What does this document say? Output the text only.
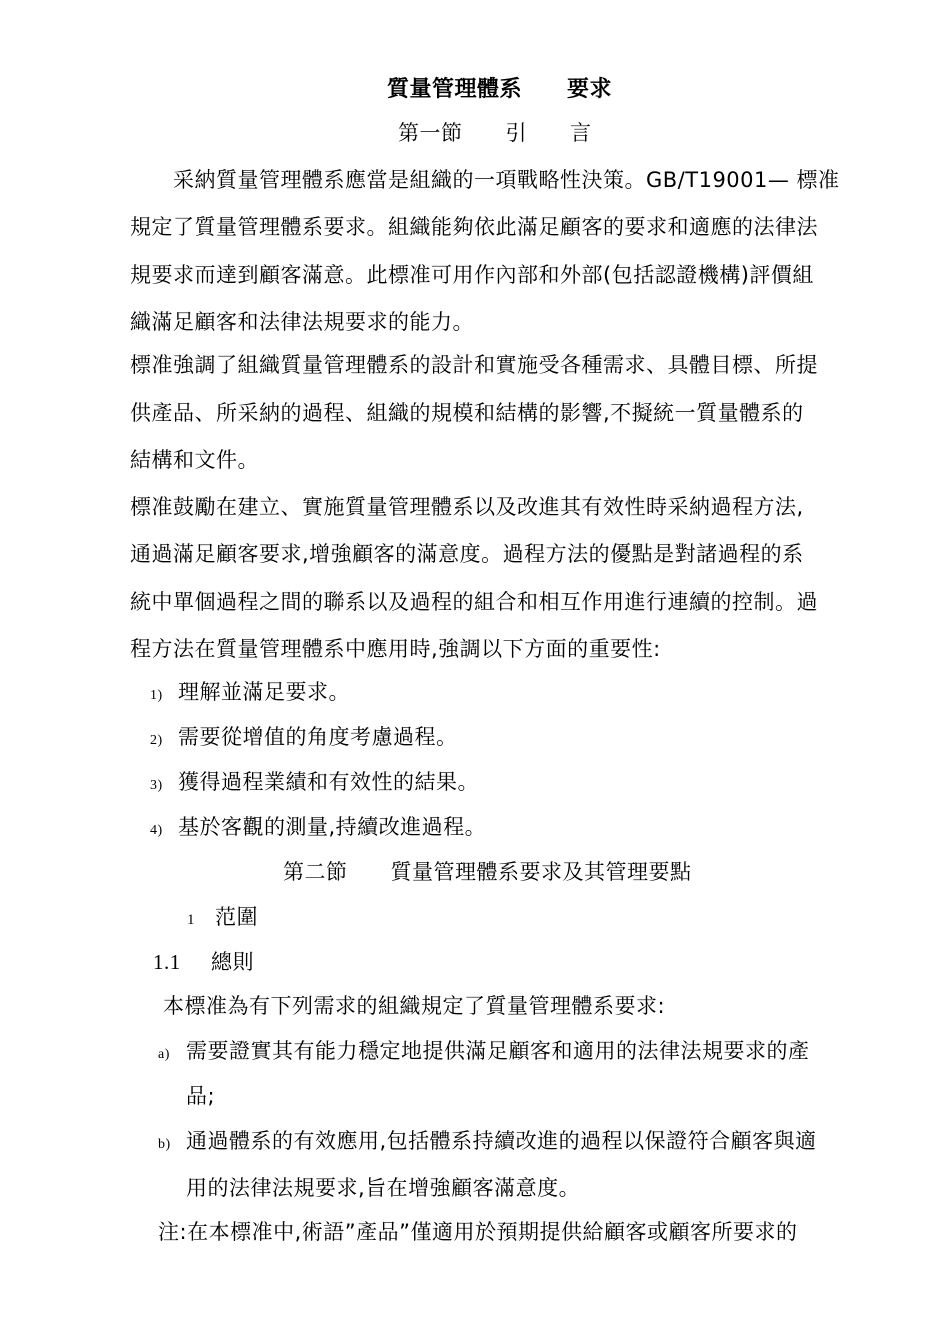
質量管理體系　　要求
第一節　　引　　言
　　采納質量管理體系應當是組織的一項戰略性決策。GB/T19001— 標准
規定了質量管理體系要求。組織能夠依此滿足顧客的要求和適應的法律法
規要求而達到顧客滿意。此標准可用作內部和外部(包括認證機構)評價組
織滿足顧客和法律法規要求的能力。
標准強調了組織質量管理體系的設計和實施受各種需求、具體目標、所提
供產品、所采納的過程、組織的規模和結構的影響,不擬統一質量體系的
結構和文件。
標准鼓勵在建立、實施質量管理體系以及改進其有效性時采納過程方法,
通過滿足顧客要求,增強顧客的滿意度。過程方法的優點是對諸過程的系
統中單個過程之間的聯系以及過程的組合和相互作用進行連續的控制。過
程方法在質量管理體系中應用時,強調以下方面的重要性:
1) 理解並滿足要求。
2) 需要從增值的角度考慮過程。
3) 獲得過程業績和有效性的結果。
4) 基於客觀的測量,持續改進過程。
第二節　　質量管理體系要求及其管理要點
1 范圍
1.1 總則
本標准為有下列需求的組織規定了質量管理體系要求:
a) 需要證實其有能力穩定地提供滿足顧客和適用的法律法規要求的產
品;
b) 通過體系的有效應用,包括體系持續改進的過程以保證符合顧客與適
用的法律法規要求,旨在增強顧客滿意度。
注:在本標准中,術語”產品”僅適用於預期提供給顧客或顧客所要求的
